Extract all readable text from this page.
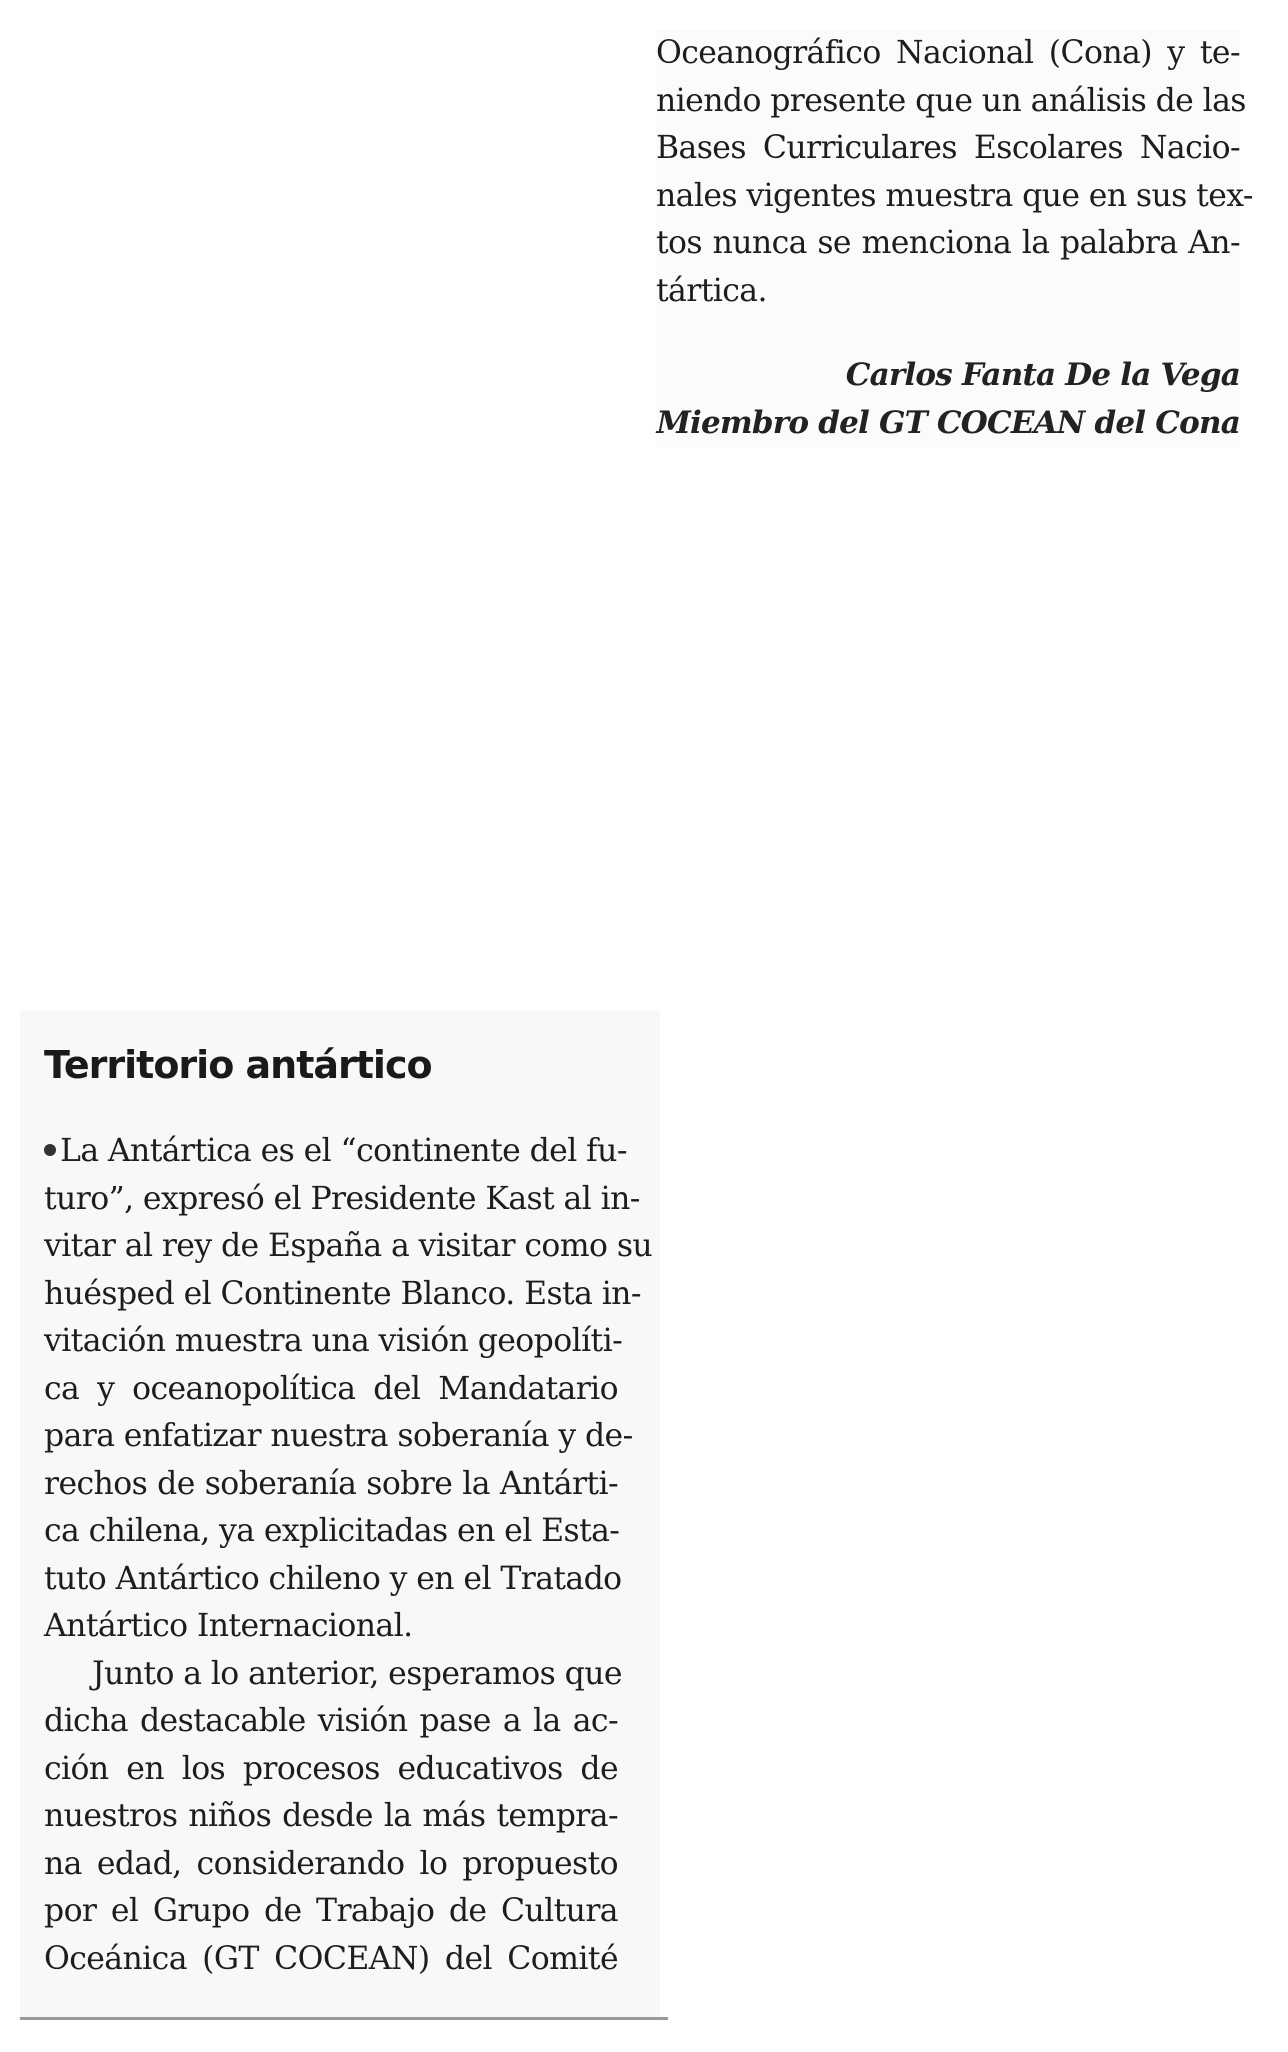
Oceanográfico Nacional (Cona) y te-
niendo presente que un análisis de las
Bases Curriculares Escolares Nacio-
nales vigentes muestra que en sus tex-
tos nunca se menciona la palabra An-
tártica.
Carlos Fanta De la Vega
Miembro del GT COCEAN del Cona
Territorio antártico
La Antártica es el “continente del fu-
turo”, expresó el Presidente Kast al in-
vitar al rey de España a visitar como su
huésped el Continente Blanco. Esta in-
vitación muestra una visión geopolíti-
ca y oceanopolítica del Mandatario
para enfatizar nuestra soberanía y de-
rechos de soberanía sobre la Antárti-
ca chilena, ya explicitadas en el Esta-
tuto Antártico chileno y en el Tratado
Antártico Internacional.
Junto a lo anterior, esperamos que
dicha destacable visión pase a la ac-
ción en los procesos educativos de
nuestros niños desde la más tempra-
na edad, considerando lo propuesto
por el Grupo de Trabajo de Cultura
Oceánica (GT COCEAN) del Comité
